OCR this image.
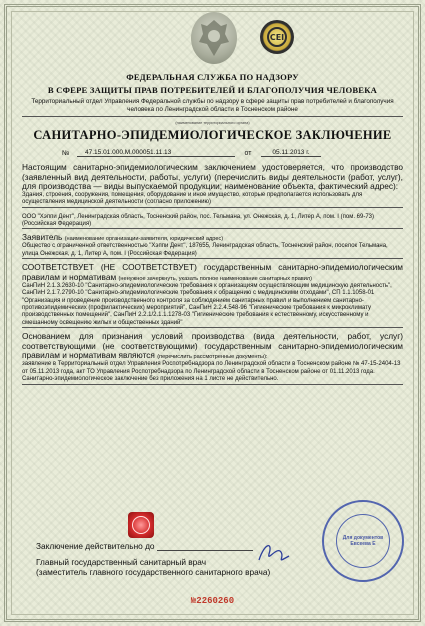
CEI
ФЕДЕРАЛЬНАЯ СЛУЖБА ПО НАДЗОРУ
В СФЕРЕ ЗАЩИТЫ ПРАВ ПОТРЕБИТЕЛЕЙ И БЛАГОПОЛУЧИЯ ЧЕЛОВЕКА
Территориальный отдел Управления Федеральной службы по надзору в сфере защиты прав потребителей и благополучия человека по Ленинградской области в Тосненском районе
(наименование территориального органа)
САНИТАРНО-ЭПИДЕМИОЛОГИЧЕСКОЕ ЗАКЛЮЧЕНИЕ
№	47.15.01.000.М.000051.11.13	от	05.11.2013 г.
Настоящим санитарно-эпидемиологическим заключением удостоверяется, что производство (заявленный вид деятельности, работы, услуги) (перечислить виды деятельности (работ, услуг), для производства — виды выпускаемой продукции; наименование объекта, фактический адрес):
Здания, строения, сооружения, помещения, оборудование и иное имущество, которые предполагается использовать для осуществления медицинской деятельности (согласно приложению)
ООО "Хэппи Дент", Ленинградская область, Тосненский район, пос. Тельмана, ул. Онежская, д. 1, Литер А, пом. I (пом. 69-73) (Российская Федерация)
Заявитель (наименование организации-заявителя, юридический адрес)
Общество с ограниченной ответственностью "Хэппи Дент", 187655, Ленинградская область, Тосненский район, поселок Тельмана, улица Онежская, д. 1, Литер А, пом. I (Российская Федерация)
СООТВЕТСТВУЕТ (НЕ СООТВЕТСТВУЕТ) государственным санитарно-эпидемиологическим правилам и нормативам (ненужное зачеркнуть, указать полное наименование санитарных правил)
СанПиН 2.1.3.2630-10 "Санитарно-эпидемиологические требования к организациям осуществляющим медицинскую деятельность", СанПиН 2.1.7.2790-10 "Санитарно-эпидемиологические требования к обращению с медицинскими отходами", СП 1.1.1058-01 "Организация и проведение производственного контроля за соблюдением санитарных правил и выполнением санитарно-противоэпидемических (профилактических) мероприятий", СанПиН 2.2.4.548-96 "Гигиенические требования к микроклимату производственных помещений", СанПиН 2.2.1/2.1.1.1278-03 "Гигиенические требования к естественному, искусственному и смешанному освещению жилых и общественных зданий"
Основанием для признания условий производства (вида деятельности, работ, услуг) соответствующими (не соответствующими) государственным санитарно-эпидемиологическим правилам и нормативам являются (перечислить рассмотренные документы):
заявление в Территориальный отдел Управления Роспотребнадзора по Ленинградской области в Тосненском районе № 47-15-2404-13 от 05.11.2013 года, акт ТО Управления Роспотребнадзора по Ленинградской области в Тосненском районе от 01.11.2013 года. Санитарно-эпидемиологическое заключение без приложения на 1 листе не действительно.
Для документов
Евсеева Е
Заключение действительно до
Главный государственный санитарный врач
(заместитель главного государственного санитарного врача)
№2260260
